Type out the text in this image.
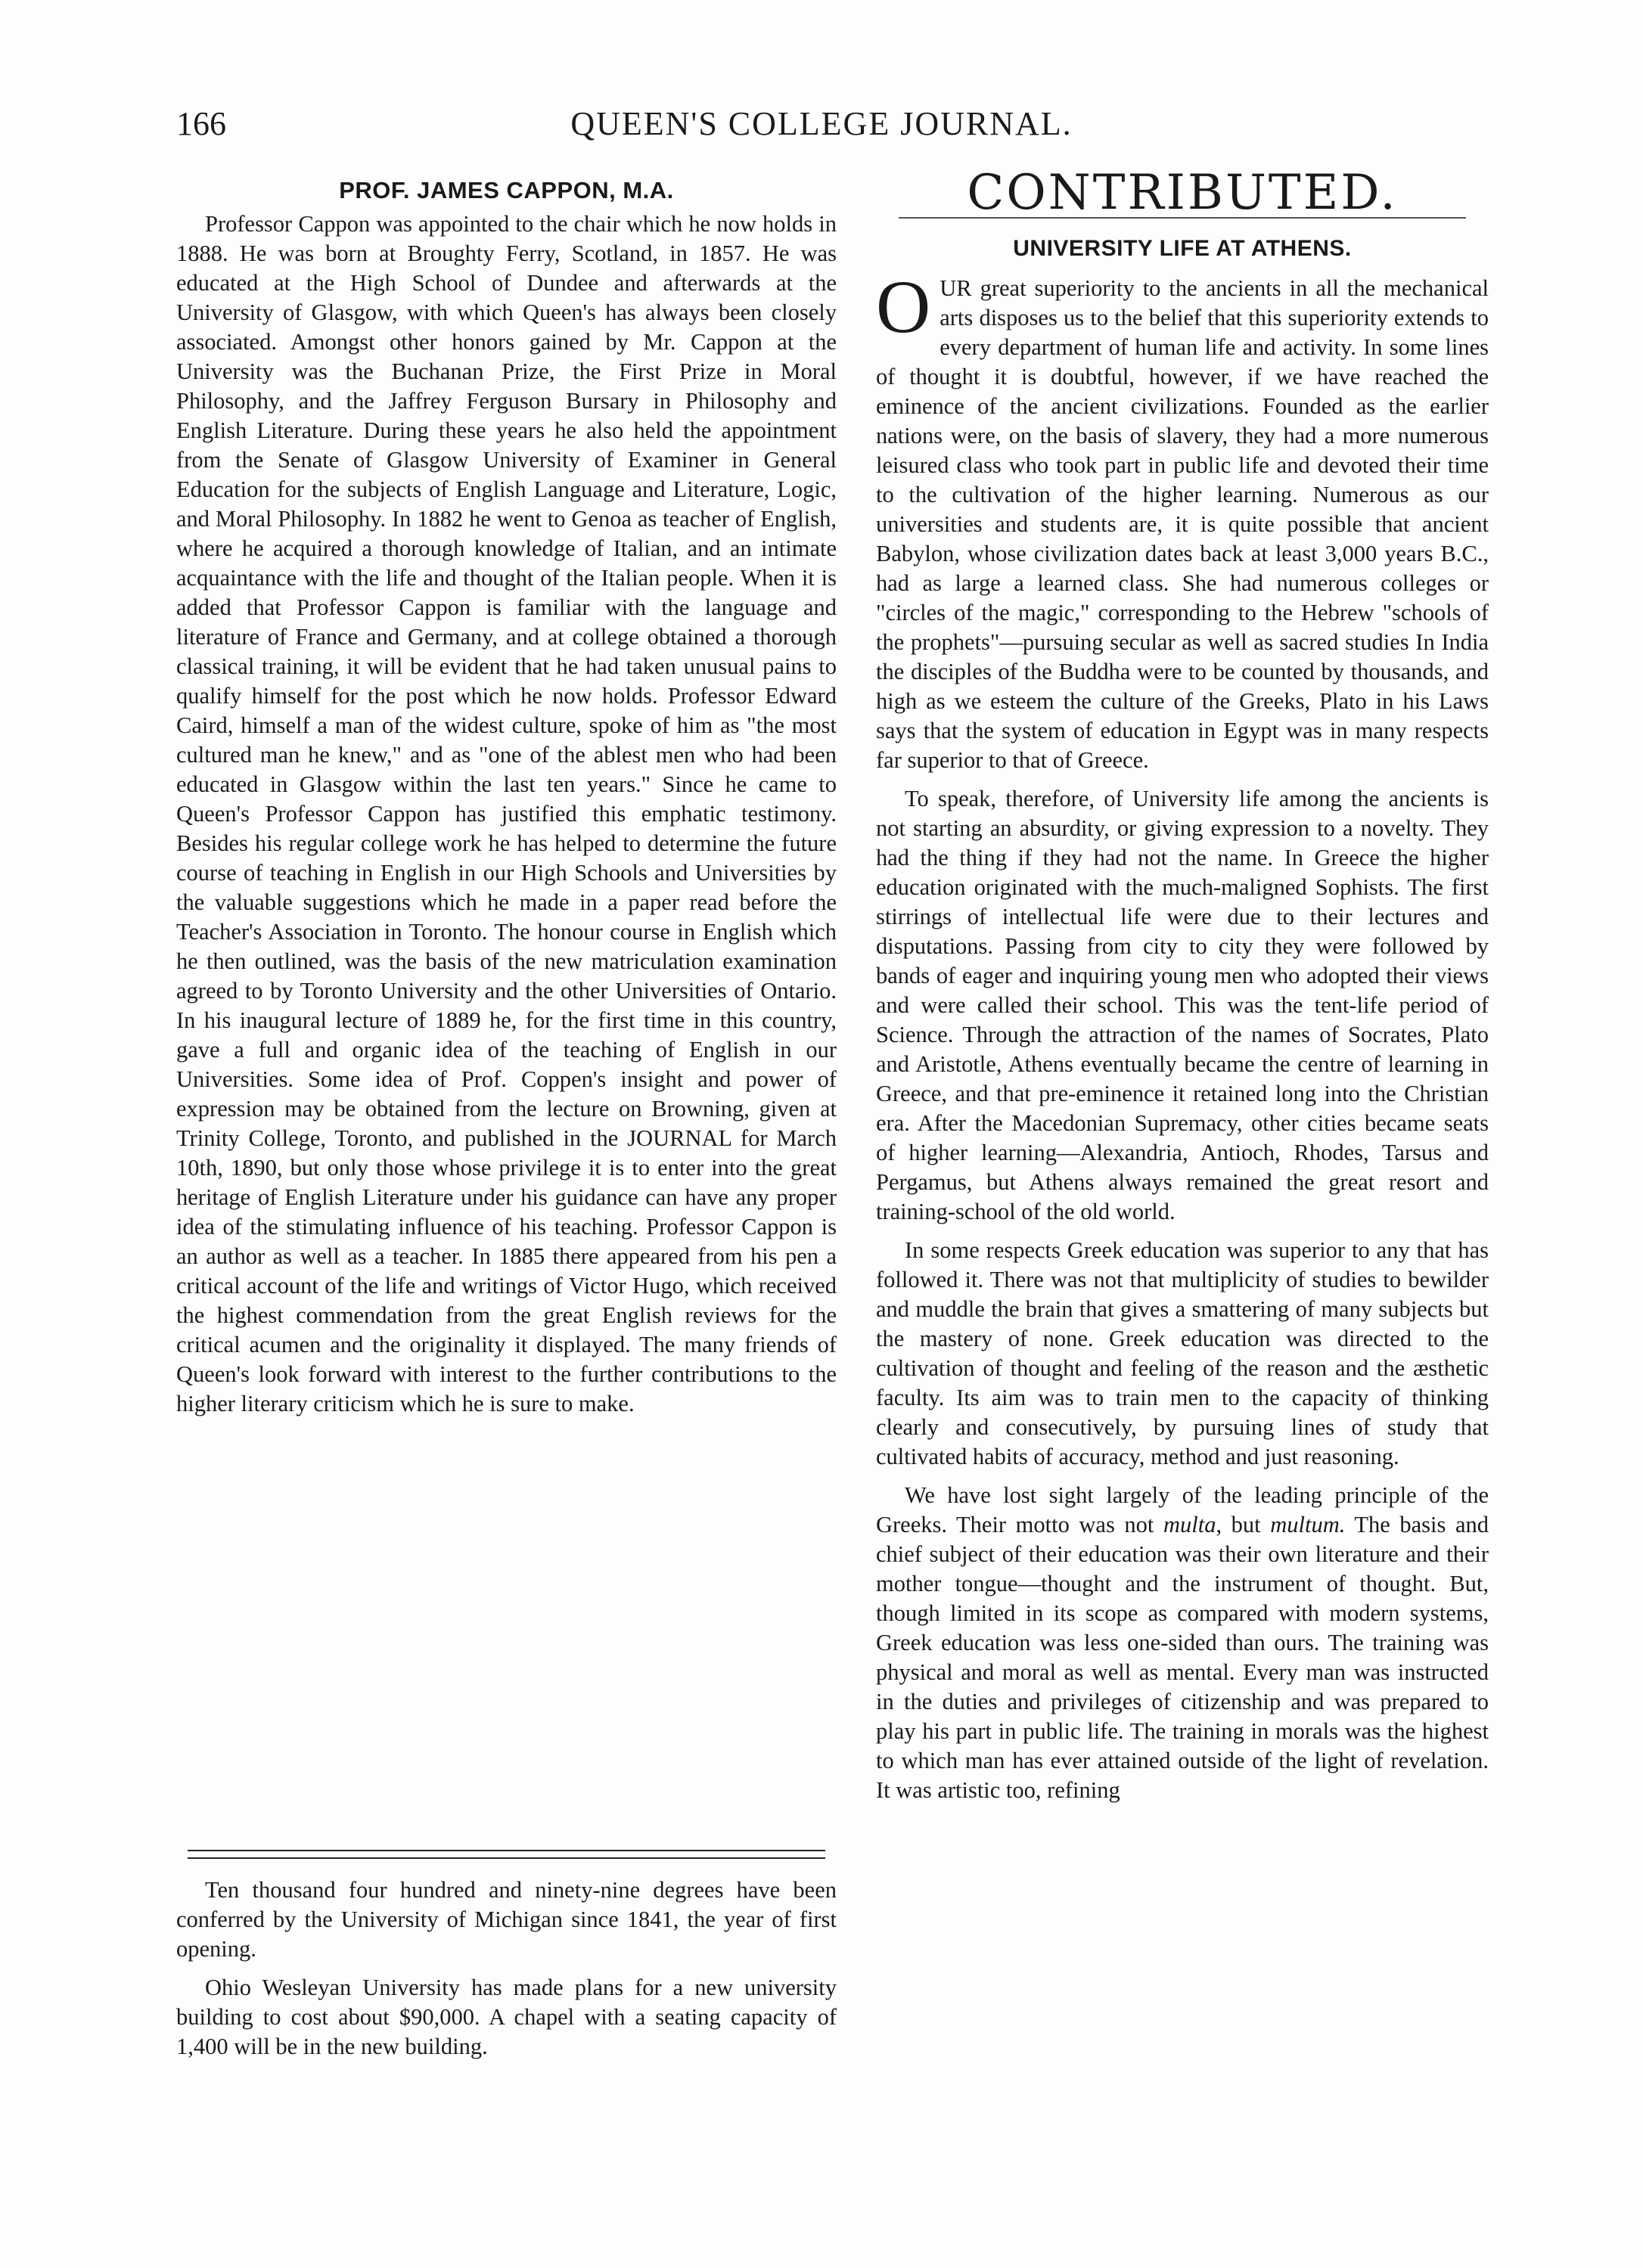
166	QUEEN'S COLLEGE JOURNAL.
PROF. JAMES CAPPON, M.A.

Professor Cappon was appointed to the chair which he now holds in 1888. He was born at Broughty Ferry, Scotland, in 1857. He was educated at the High School of Dundee and afterwards at the University of Glasgow, with which Queen's has always been closely associated. Amongst other honors gained by Mr. Cappon at the University was the Buchanan Prize, the First Prize in Moral Philosophy, and the Jaffrey Ferguson Bursary in Philosophy and English Literature. During these years he also held the appointment from the Senate of Glasgow University of Examiner in General Education for the subjects of English Language and Literature, Logic, and Moral Philosophy. In 1882 he went to Genoa as teacher of English, where he acquired a thorough knowledge of Italian, and an intimate acquaintance with the life and thought of the Italian people. When it is added that Professor Cappon is familiar with the language and literature of France and Germany, and at college obtained a thorough classical training, it will be evident that he had taken unusual pains to qualify himself for the post which he now holds. Professor Edward Caird, himself a man of the widest culture, spoke of him as "the most cultured man he knew," and as "one of the ablest men who had been educated in Glasgow within the last ten years." Since he came to Queen's Professor Cappon has justified this emphatic testimony. Besides his regular college work he has helped to determine the future course of teaching in English in our High Schools and Universities by the valuable suggestions which he made in a paper read before the Teacher's Association in Toronto. The honour course in English which he then outlined, was the basis of the new matriculation examination agreed to by Toronto University and the other Universities of Ontario. In his inaugural lecture of 1889 he, for the first time in this country, gave a full and organic idea of the teaching of English in our Universities. Some idea of Prof. Coppen's insight and power of expression may be obtained from the lecture on Browning, given at Trinity College, Toronto, and published in the JOURNAL for March 10th, 1890, but only those whose privilege it is to enter into the great heritage of English Literature under his guidance can have any proper idea of the stimulating influence of his teaching. Professor Cappon is an author as well as a teacher. In 1885 there appeared from his pen a critical account of the life and writings of Victor Hugo, which received the highest commendation from the great English reviews for the critical acumen and the originality it displayed. The many friends of Queen's look forward with interest to the further contributions to the higher literary criticism which he is sure to make.

Ten thousand four hundred and ninety-nine degrees have been conferred by the University of Michigan since 1841, the year of first opening.

Ohio Wesleyan University has made plans for a new university building to cost about $90,000. A chapel with a seating capacity of 1,400 will be in the new building.

CONTRIBUTED.
UNIVERSITY LIFE AT ATHENS.

OUR great superiority to the ancients in all the mechanical arts disposes us to the belief that this superiority extends to every department of human life and activity. In some lines of thought it is doubtful, however, if we have reached the eminence of the ancient civilizations. Founded as the earlier nations were, on the basis of slavery, they had a more numerous leisured class who took part in public life and devoted their time to the cultivation of the higher learning. Numerous as our universities and students are, it is quite possible that ancient Babylon, whose civilization dates back at least 3,000 years B.C., had as large a learned class. She had numerous colleges or "circles of the magic," corresponding to the Hebrew "schools of the prophets"—pursuing secular as well as sacred studies In India the disciples of the Buddha were to be counted by thousands, and high as we esteem the culture of the Greeks, Plato in his Laws says that the system of education in Egypt was in many respects far superior to that of Greece.

To speak, therefore, of University life among the ancients is not starting an absurdity, or giving expression to a novelty. They had the thing if they had not the name. In Greece the higher education originated with the much-maligned Sophists. The first stirrings of intellectual life were due to their lectures and disputations. Passing from city to city they were followed by bands of eager and inquiring young men who adopted their views and were called their school. This was the tent-life period of Science. Through the attraction of the names of Socrates, Plato and Aristotle, Athens eventually became the centre of learning in Greece, and that pre-eminence it retained long into the Christian era. After the Macedonian Supremacy, other cities became seats of higher learning—Alexandria, Antioch, Rhodes, Tarsus and Pergamus, but Athens always remained the great resort and training-school of the old world.

In some respects Greek education was superior to any that has followed it. There was not that multiplicity of studies to bewilder and muddle the brain that gives a smattering of many subjects but the mastery of none. Greek education was directed to the cultivation of thought and feeling of the reason and the æsthetic faculty. Its aim was to train men to the capacity of thinking clearly and consecutively, by pursuing lines of study that cultivated habits of accuracy, method and just reasoning.

We have lost sight largely of the leading principle of the Greeks. Their motto was not multa, but multum. The basis and chief subject of their education was their own literature and their mother tongue—thought and the instrument of thought. But, though limited in its scope as compared with modern systems, Greek education was less one-sided than ours. The training was physical and moral as well as mental. Every man was instructed in the duties and privileges of citizenship and was prepared to play his part in public life. The training in morals was the highest to which man has ever attained outside of the light of revelation. It was artistic too, refining
